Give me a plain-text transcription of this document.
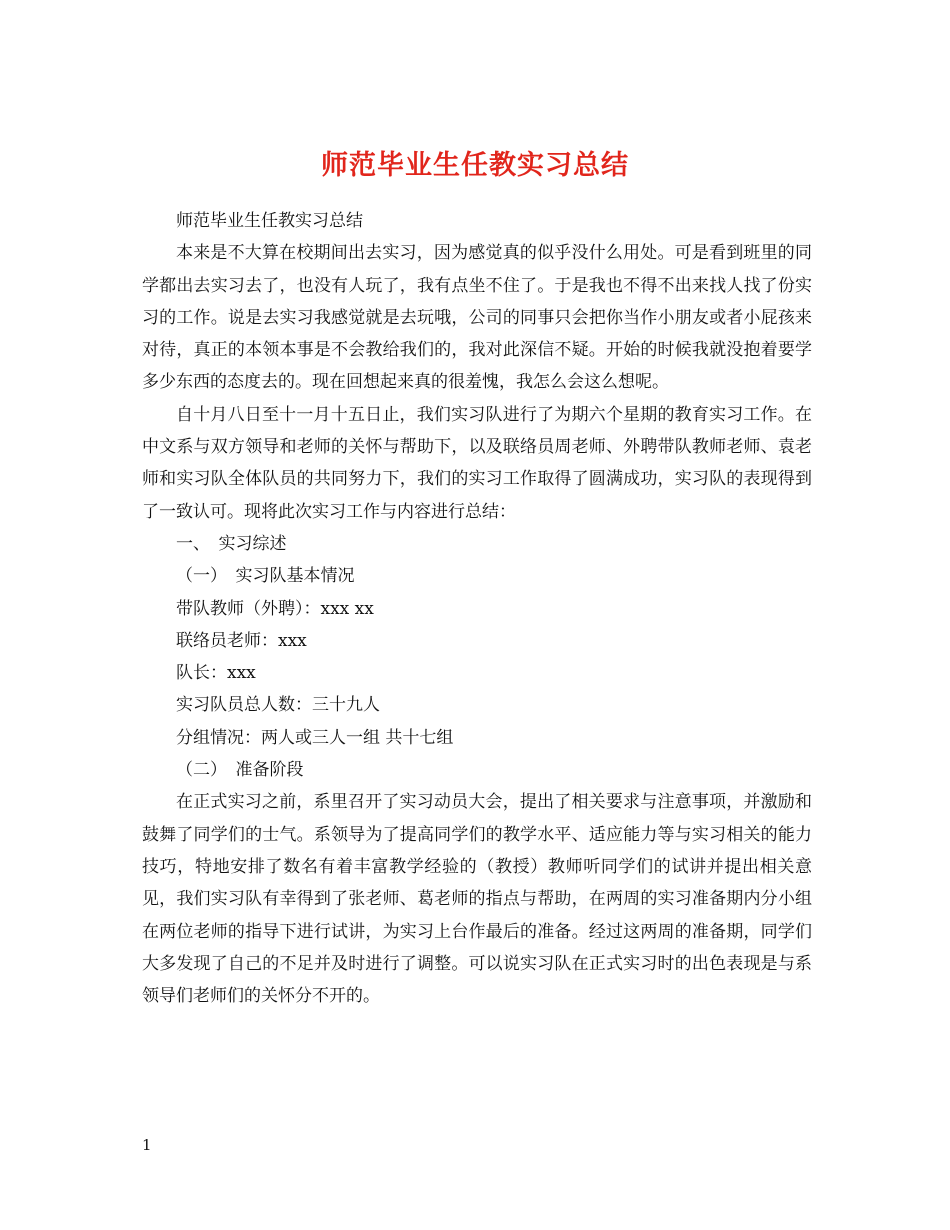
师范毕业生任教实习总结

师范毕业生任教实习总结

本来是不大算在校期间出去实习，因为感觉真的似乎没什么用处。可是看到班里的同学都出去实习去了，也没有人玩了，我有点坐不住了。于是我也不得不出来找人找了份实习的工作。说是去实习我感觉就是去玩哦，公司的同事只会把你当作小朋友或者小屁孩来对待，真正的本领本事是不会教给我们的，我对此深信不疑。开始的时候我就没抱着要学多少东西的态度去的。现在回想起来真的很羞愧，我怎么会这么想呢。

自十月八日至十一月十五日止，我们实习队进行了为期六个星期的教育实习工作。在中文系与双方领导和老师的关怀与帮助下，以及联络员周老师、外聘带队教师老师、袁老师和实习队全体队员的共同努力下，我们的实习工作取得了圆满成功，实习队的表现得到了一致认可。现将此次实习工作与内容进行总结：

一、　实习综述

（一）　实习队基本情况

带队教师（外聘）：xxx xx

联络员老师：xxx

队长：xxx

实习队员总人数：三十九人

分组情况：两人或三人一组 共十七组

（二）　准备阶段

在正式实习之前，系里召开了实习动员大会，提出了相关要求与注意事项，并激励和鼓舞了同学们的士气。系领导为了提高同学们的教学水平、适应能力等与实习相关的能力技巧，特地安排了数名有着丰富教学经验的（教授）教师听同学们的试讲并提出相关意见，我们实习队有幸得到了张老师、葛老师的指点与帮助，在两周的实习准备期内分小组在两位老师的指导下进行试讲，为实习上台作最后的准备。经过这两周的准备期，同学们大多发现了自己的不足并及时进行了调整。可以说实习队在正式实习时的出色表现是与系领导们老师们的关怀分不开的。

1
